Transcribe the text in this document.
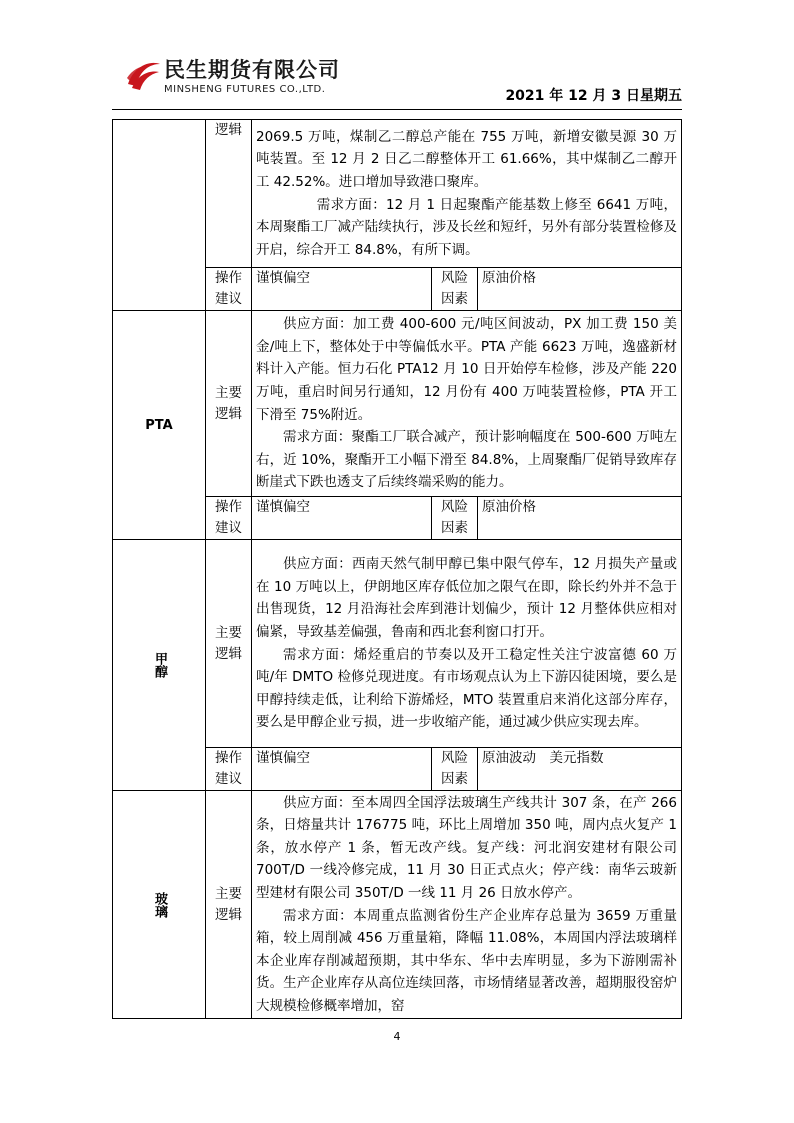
民生期货有限公司
MINSHENG FUTURES CO.,LTD.	2021 年 12 月 3 日星期五
	逻辑	2069.5 万吨，煤制乙二醇总产能在 755 万吨，新增安徽昊源 30 万吨装置。至 12 月 2 日乙二醇整体开工 61.66%，其中煤制乙二醇开工 42.52%。进口增加导致港口聚库。

需求方面：12 月 1 日起聚酯产能基数上修至 6641 万吨，本周聚酯工厂减产陆续执行，涉及长丝和短纤，另外有部分装置检修及开启，综合开工 84.8%，有所下调。		

	操作建议	谨慎偏空	风险因素	原油价格
PTA	主要逻辑	供应方面：加工费 400-600 元/吨区间波动，PX 加工费 150 美金/吨上下，整体处于中等偏低水平。PTA 产能 6623 万吨，逸盛新材料计入产能。恒力石化 PTA12 月 10 日开始停车检修，涉及产能 220 万吨，重启时间另行通知，12 月份有 400 万吨装置检修，PTA 开工下滑至 75%附近。

需求方面：聚酯工厂联合减产，预计影响幅度在 500-600 万吨左右，近 10%，聚酯开工小幅下滑至 84.8%，上周聚酯厂促销导致库存断崖式下跌也透支了后续终端采购的能力。		

	操作建议	谨慎偏空	风险因素	原油价格
甲醇	主要逻辑	供应方面：西南天然气制甲醇已集中限气停车，12 月损失产量或在 10 万吨以上，伊朗地区库存低位加之限气在即，除长约外并不急于出售现货，12 月沿海社会库到港计划偏少，预计 12 月整体供应相对偏紧，导致基差偏强，鲁南和西北套利窗口打开。

需求方面：烯烃重启的节奏以及开工稳定性关注宁波富德 60 万吨/年 DMTO 检修兑现进度。有市场观点认为上下游囚徒困境，要么是甲醇持续走低，让利给下游烯烃，MTO 装置重启来消化这部分库存，要么是甲醇企业亏损，进一步收缩产能，通过减少供应实现去库。		

	操作建议	谨慎偏空	风险因素	原油波动　美元指数
玻璃	主要逻辑	供应方面：至本周四全国浮法玻璃生产线共计 307 条，在产 266 条，日熔量共计 176775 吨，环比上周增加 350 吨，周内点火复产 1 条，放水停产 1 条，暂无改产线。复产线：河北润安建材有限公司 700T/D 一线冷修完成，11 月 30 日正式点火；停产线：南华云玻新型建材有限公司 350T/D 一线 11 月 26 日放水停产。

需求方面：本周重点监测省份生产企业库存总量为 3659 万重量箱，较上周削减 456 万重量箱，降幅 11.08%，本周国内浮法玻璃样本企业库存削减超预期，其中华东、华中去库明显，多为下游刚需补货。生产企业库存从高位连续回落，市场情绪显著改善，超期服役窑炉大规模检修概率增加，窑		

4
